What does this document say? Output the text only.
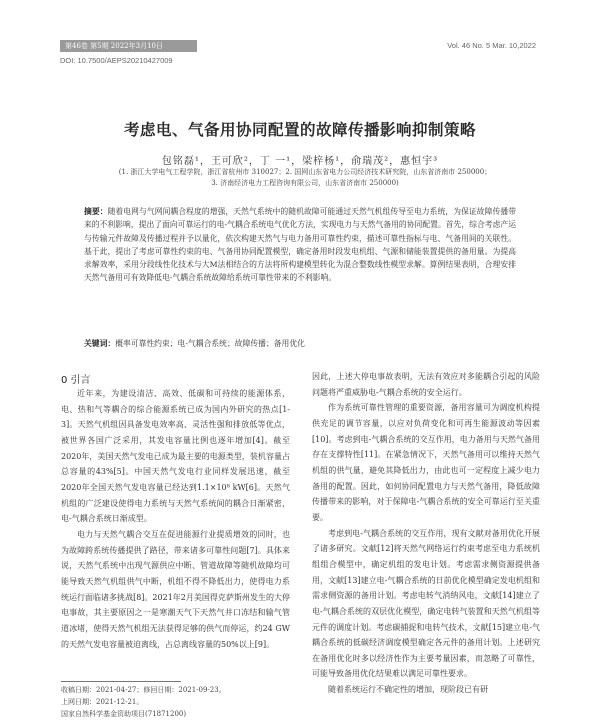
第46卷 第5期 2022年3月10日	Vol. 46 No. 5 Mar. 10,2022
DOI: 10.7500/AEPS20210427009
考虑电、气备用协同配置的故障传播影响抑制策略
包铭磊¹，王可欣²，丁 一¹，梁梓杨¹，俞瑞茂²，惠恒宇³
(1. 浙江大学电气工程学院，浙江省杭州市 310027；2. 国网山东省电力公司经济技术研究院，山东省济南市 250000；
3. 济南经济电力工程咨询有限公司，山东省济南市 250000)
摘要：随着电网与气网间耦合程度的增强，天然气系统中的随机故障可能通过天然气机组传导至电力系统，为保证故障传播带来的不利影响，提出了面向可靠运行的电-气耦合系统电气优化方法，实现电力与天然气备用的协同配置。首先，综合考虑产运与传输元件故障及传播过程并予以量化，依次构建天然气与电力备用可靠性约束，描述可靠性指标与电、气备用间的关联性。基于此，提出了考虑可靠性约束的电、气备用协同配置模型，确定备用时段发电机组、气源和储能装置提供的备用量。为提高求解效率，采用分段线性化技术与大M法相结合的方法将所构建模型转化为混合整数线性模型求解。算例结果表明，合理安排天然气备用可有效降低电-气耦合系统故障给系统可靠性带来的不利影响。
关键词：概率可靠性约束；电-气耦合系统；故障传播；备用优化
0 引言

近年来，为建设清洁、高效、低碳和可持续的能源体系，电、热和气等耦合的综合能源系统已成为国内外研究的热点[1-3]。天然气机组因具备发电效率高、灵活性强和排放低等优点，被世界各国广泛采用，其发电容量比例也逐年增加[4]。截至2020年，美国天然气发电已成为最主要的电源类型，装机容量占总容量的43%[5]。中国天然气发电行业同样发展迅速，截至2020年全国天然气发电容量已经达到1.1×10⁸ kW[6]。天然气机组的广泛建设使得电力系统与天然气系统间的耦合日渐紧密，电-气耦合系统日渐成型。

电力与天然气耦合交互在促进能源行业提质增效的同时，也为故障跨系统传播提供了路径，带来诸多可靠性问题[7]。具体来说，天然气系统中出现气源供应中断、管道故障等随机故障均可能导致天然气机组供气中断，机组不得不降低出力，使得电力系统运行面临诸多挑战[8]。2021年2月美国得克萨斯州发生的大停电事故，其主要原因之一是寒潮天气下天然气井口冻结和输气管道冰堵，使得天然气机组无法获得足够的供气而停运，约24 GW的天然气发电容量被迫离线，占总离线容量的50%以上[9]。

因此，上述大停电事故表明，无法有效应对多能耦合引起的风险问题将严重威胁电-气耦合系统的安全运行。

作为系统可靠性管理的重要资源，备用容量可为调度机构提供充足的调节容量，以应对负荷变化和可再生能源波动等因素[10]。考虑到电-气耦合系统的交互作用，电力备用与天然气备用存在支撑特性[11]。在紧急情况下，天然气备用可以维持天然气机组的供气量，避免其降低出力，由此也可一定程度上减少电力备用的配置。因此，如何协同配置电力与天然气备用，降低故障传播带来的影响，对于保障电-气耦合系统的安全可靠运行至关重要。

考虑到电-气耦合系统的交互作用，现有文献对备用优化开展了诸多研究。文献[12]将天然气网络运行约束考虑至电力系统机组组合模型中，确定机组的发电计划。考虑需求侧资源提供备用，文献[13]建立电-气耦合系统的日前优化模型确定发电机组和需求侧资源的备用计划。考虑电转气消纳风电，文献[14]建立了电-气耦合系统的双层优化模型，确定电转气装置和天然气机组等元件的调度计划。考虑碳捕捉和电转气技术，文献[15]建立电-气耦合系统的低碳经济调度模型确定各元件的备用计划。上述研究在备用优化时多以经济性作为主要考量因素，而忽略了可靠性，可能导致备用优化结果难以满足可靠性要求。

随着系统运行不确定性的增加，现阶段已有研

收稿日期：2021-04-27；修回日期：2021-09-23。
上网日期：2021-12-21。
国家自然科学基金资助项目(71871200)
